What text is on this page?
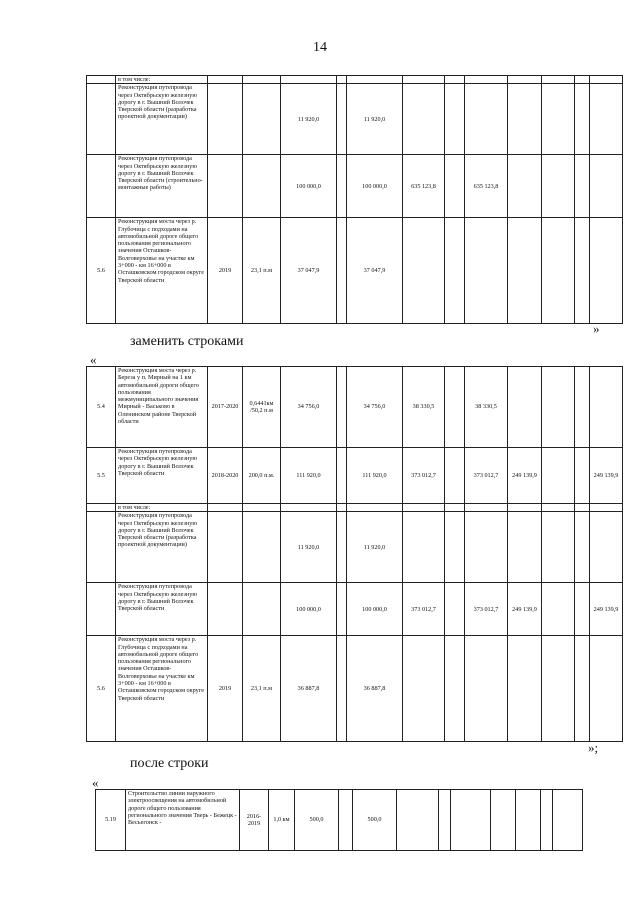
14
	в том числе:												
	Реконструкция путепровода через Октябрьскую железную дорогу в г. Вышний Волочек Тверской области (разработка проектной документации)			11 920,0		11 920,0							
	Реконструкция путепровода через Октябрьскую железную дорогу в г. Вышний Волочек Тверской области (строительно-монтажные работы)			100 000,0		100 000,0	635 123,8		635 123,8				
5.6	Реконструкция моста через р. Глубочица с подходами на автомобильной дороге общего пользования регионального значения Осташков-Волговерховье на участке км 3+000 - км 16+000 в Осташковском городском округе Тверской области	2019	23,1 п.м	37 047,9		37 047,9							
»
заменить строками
«
5.4	Реконструкция моста через р. Береза у п. Мирный на 1 км автомобильной дороги общего пользования межмуниципального значения Мирный - Васьково в Оленинском районе Тверской области	2017-2020	0,6441км /50,2 п.м	34 756,0		34 756,0	38 330,5		38 330,5				
5.5	Реконструкция путепровода через Октябрьскую железную дорогу в г. Вышний Волочек Тверской области	2018-2020	200,0 п.м.	111 920,0		111 920,0	373 012,7		373 012,7	249 139,9			249 139,9
	в том числе:												
	Реконструкция путепровода через Октябрьскую железную дорогу в г. Вышний Волочек Тверской области (разработка проектной документации)			11 920,0		11 920,0							
	Реконструкция путепровода через Октябрьскую железную дорогу в г. Вышний Волочек Тверской области			100 000,0		100 000,0	373 012,7		373 012,7	249 139,9			249 139,9
5.6	Реконструкция моста через р. Глубочица с подходами на автомобильной дороге общего пользования регионального значения Осташков-Волговерховье на участке км 3+000 - км 16+000 в Осташковском городском округе Тверской области	2019	23,1 п.м	36 887,8		36 887,8							
»;
после строки
«
5.19	Строительство линии наружного электроосвещения на автомобильной дороге общего пользования регионального значения Тверь - Бежецк - Весьегонск -	2016-2019	1,0 км	500,0		500,0							
